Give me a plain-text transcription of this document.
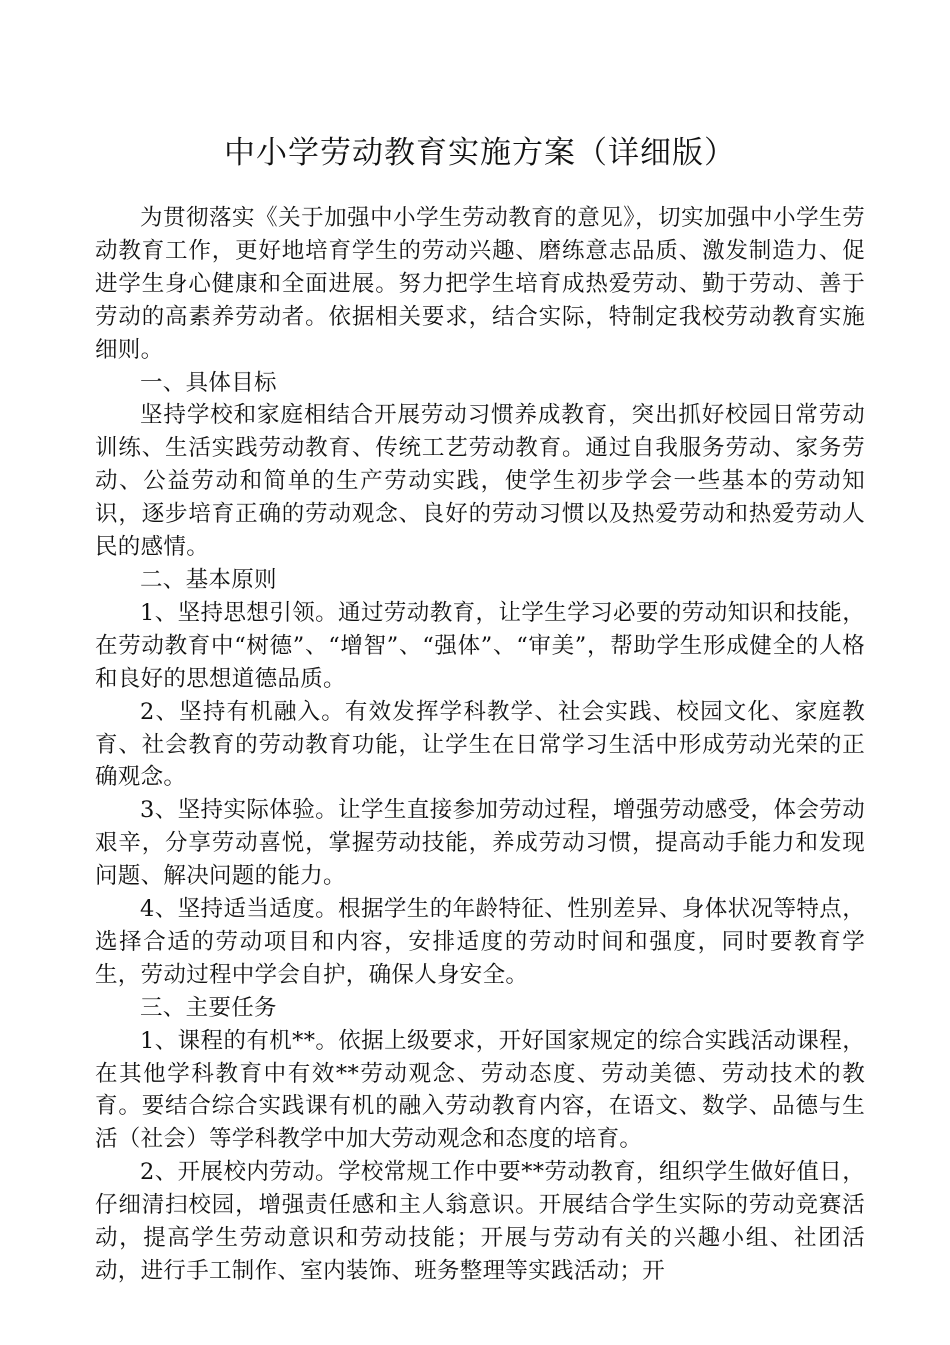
中小学劳动教育实施方案（详细版）

为贯彻落实《关于加强中小学生劳动教育的意见》，切实加强中小学生劳动教育工作，更好地培育学生的劳动兴趣、磨练意志品质、激发制造力、促进学生身心健康和全面进展。努力把学生培育成热爱劳动、勤于劳动、善于劳动的高素养劳动者。依据相关要求，结合实际，特制定我校劳动教育实施细则。

一、具体目标

坚持学校和家庭相结合开展劳动习惯养成教育，突出抓好校园日常劳动训练、生活实践劳动教育、传统工艺劳动教育。通过自我服务劳动、家务劳动、公益劳动和简单的生产劳动实践，使学生初步学会一些基本的劳动知识，逐步培育正确的劳动观念、良好的劳动习惯以及热爱劳动和热爱劳动人民的感情。

二、基本原则

1、坚持思想引领。通过劳动教育，让学生学习必要的劳动知识和技能，在劳动教育中“树德”、“增智”、“强体”、“审美”，帮助学生形成健全的人格和良好的思想道德品质。

2、坚持有机融入。有效发挥学科教学、社会实践、校园文化、家庭教育、社会教育的劳动教育功能，让学生在日常学习生活中形成劳动光荣的正确观念。

3、坚持实际体验。让学生直接参加劳动过程，增强劳动感受，体会劳动艰辛，分享劳动喜悦，掌握劳动技能，养成劳动习惯，提高动手能力和发现问题、解决问题的能力。

4、坚持适当适度。根据学生的年龄特征、性别差异、身体状况等特点，选择合适的劳动项目和内容，安排适度的劳动时间和强度，同时要教育学生，劳动过程中学会自护，确保人身安全。

三、主要任务

1、课程的有机**。依据上级要求，开好国家规定的综合实践活动课程，在其他学科教育中有效**劳动观念、劳动态度、劳动美德、劳动技术的教育。要结合综合实践课有机的融入劳动教育内容，在语文、数学、品德与生活（社会）等学科教学中加大劳动观念和态度的培育。

2、开展校内劳动。学校常规工作中要**劳动教育，组织学生做好值日，仔细清扫校园，增强责任感和主人翁意识。开展结合学生实际的劳动竞赛活动，提高学生劳动意识和劳动技能；开展与劳动有关的兴趣小组、社团活动，进行手工制作、室内装饰、班务整理等实践活动；开
